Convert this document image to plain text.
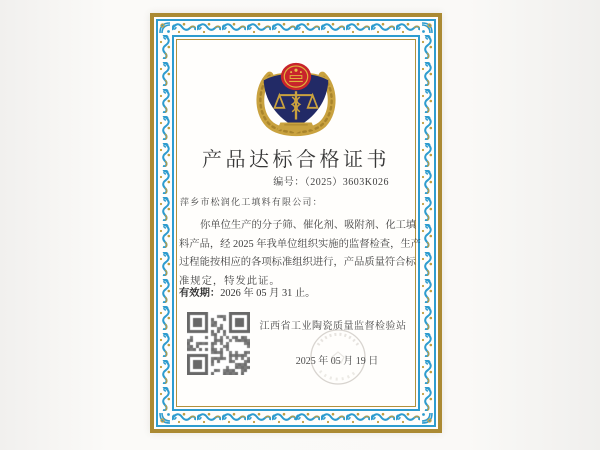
产品达标合格证书
编号：（2025）3603K026
萍乡市松润化工填料有限公司：
你单位生产的分子筛、催化剂、吸附剂、化工填
料产品，经 2025 年我单位组织实施的监督检查，生产
过程能按相应的各项标准组织进行，产品质量符合标
准规定，特发此证。
有效期：2026 年 05 月 31 止。
江西省工业陶瓷质量监督检验站
2025 年 05 月 19 日
